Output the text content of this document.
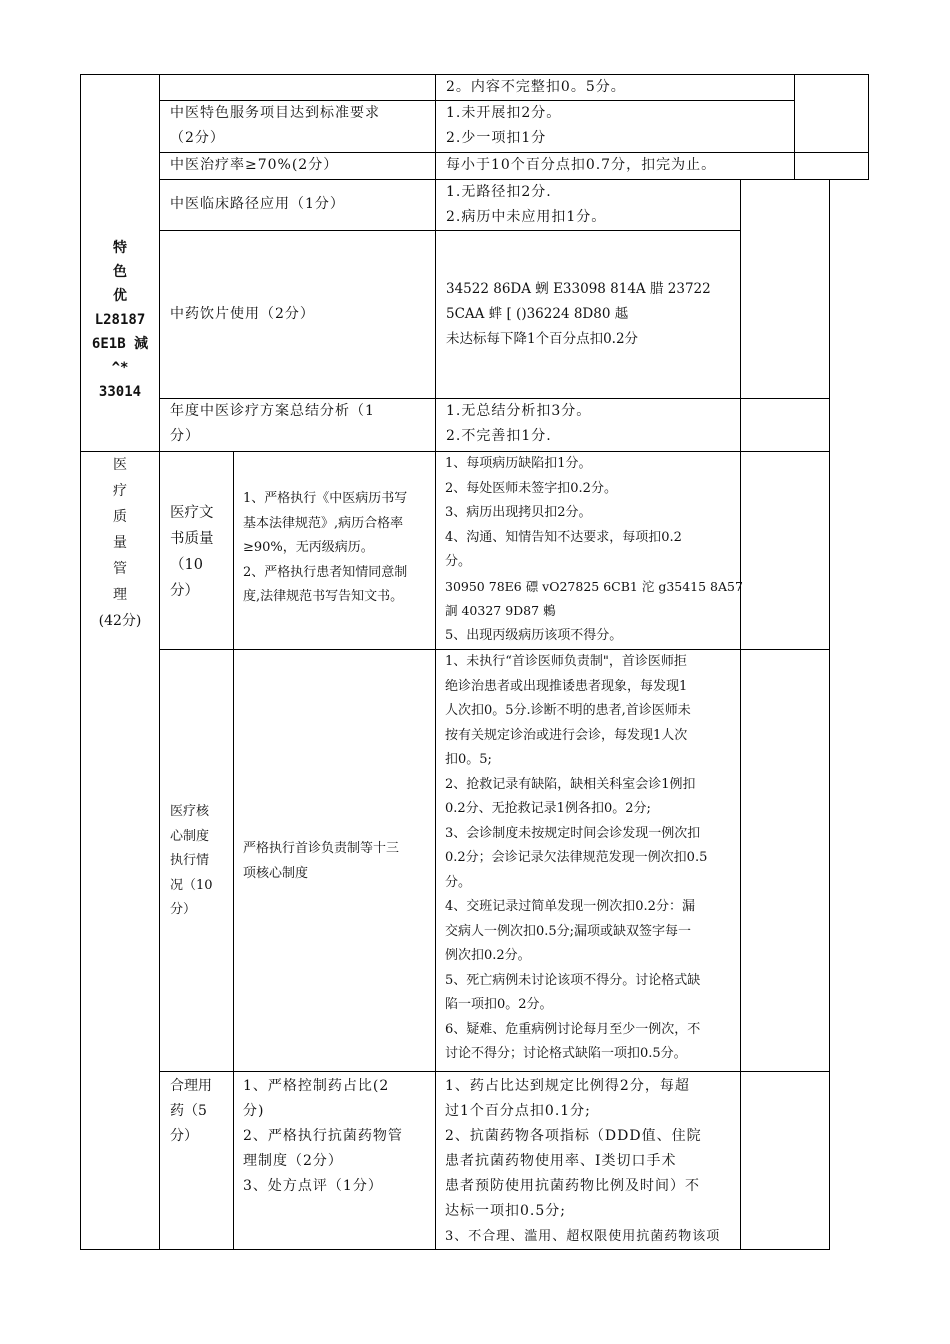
特
色
优
L28187
6E1B 減
^*
33014
2。内容不完整扣0。5分。
中医特色服务项目达到标准要求
（2分）
1.未开展扣2分。
2.少一项扣1分
中医治疗率≥70%(2分）	每小于10个百分点扣0.7分，扣完为止。
中医临床路径应用（1分）
1.无路径扣2分.
2.病历中未应用扣1分。
中药饮片使用（2分）
34522 86DA 蛚 E33098 814A 腊 23722
5CAA 蝆 [ ()36224 8D80 趆
未达标每下降1个百分点扣0.2分
年度中医诊疗方案总结分析（1
分）
1.无总结分析扣3分。
2.不完善扣1分.
医
疗
质
量
管
理
(42分)
医疗文
书质量
（10
分）
1、严格执行《中医病历书写
基本法律规范》,病历合格率
≥90%，无丙级病历。
2、严格执行患者知情同意制
度,法律规范书写告知文书。
1、每项病历缺陷扣1分。
2、每处医师未签字扣0.2分。
3、病历出现拷贝扣2分。
4、沟通、知情告知不达要求，每项扣0.2
分。
30950 78E6 磦 vO27825 6CB1 沱 g35415 8A57
詗 40327 9D87 鶇
5、出现丙级病历该项不得分。
医疗核
心制度
执行情
况（10
分）
严格执行首诊负责制等十三
项核心制度
1、未执行“首诊医师负责制"，首诊医师拒
绝诊治患者或出现推诿患者现象，每发现1
人次扣0。5分.诊断不明的患者,首诊医师未
按有关规定诊治或进行会诊，每发现1人次
扣0。5;
2、抢救记录有缺陷，缺相关科室会诊1例扣
0.2分、无抢救记录1例各扣0。2分;
3、会诊制度未按规定时间会诊发现一例次扣
0.2分；会诊记录欠法律规范发现一例次扣0.5
分。
4、交班记录过简单发现一例次扣0.2分：漏
交病人一例次扣0.5分;漏项或缺双签字每一
例次扣0.2分。
5、死亡病例未讨论该项不得分。讨论格式缺
陷一项扣0。2分。
6、疑难、危重病例讨论每月至少一例次，不
讨论不得分；讨论格式缺陷一项扣0.5分。
合理用
药（5
分）
1、严格控制药占比(2
分)
2、严格执行抗菌药物管
理制度（2分）
3、处方点评（1分）
1、药占比达到规定比例得2分，每超
过1个百分点扣0.1分;
2、抗菌药物各项指标（DDD值、住院
患者抗菌药物使用率、Ⅰ类切口手术
患者预防使用抗菌药物比例及时间）不
达标一项扣0.5分;
3、不合理、滥用、超权限使用抗菌药物该项
